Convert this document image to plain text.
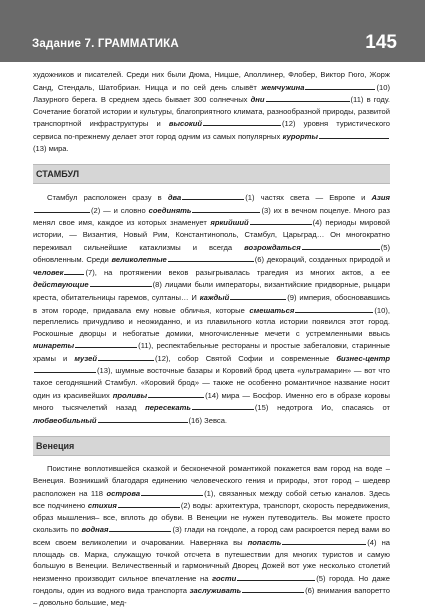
Задание 7. ГРАММАТИКА	145

художников и писателей. Среди них были Дюма, Ницше, Аполлинер, Флобер, Виктор Гюго, Жорж Санд, Стендаль, Шатобриан. Ницца и по сей день слывёт жемчужина	(10) Лазурного берега. В среднем здесь бывает 300 солнечных дни	(11) в году. Сочетание богатой истории и культуры, благоприятного климата, разнообразной природы, развитой транспортной инфраструктуры и высокий	(12) уровня туристического сервиса по-прежнему делает этот город одним из самых популярных курорты(13) мира.

СТАМБУЛ

Стамбул расположен сразу в два	(1) частях света — Европе и Азия(2) — и словно соединять	(3) их в вечном поцелуе. Много раз менял свое имя, каждое из которых знаменует яркийший	(4) периоды мировой истории, — Византия, Новый Рим, Константинополь, Стамбул, Царьград… Он многократно переживал сильнейшие катаклизмы и всегда возрождаться	(5) обновленным. Среди великолепные	(6) декораций, созданных природой и человек	(7), на протяжении веков разыгрывалась трагедия из многих актов, а ее действующие	(8) лицами были императоры, византийские придворные, рыцари креста, обитательницы гаремов, султаны… И каждый	(9) империя, обосновавшись в этом городе, придавала ему новые обличья, которые смешаться	(10), переплелись причудливо и неожиданно, и из плавильного котла истории появился этот город. Роскошные дворцы и небогатые домики, многочисленные мечети с устремленными ввысь минареты	(11), респектабельные рестораны и простые забегаловки, старинные храмы и музей	(12), собор Святой Софии и современные бизнес-центр(13), шумные восточные базары и Коровий брод цвета «ультрамарин» — вот что такое сегодняшний Стамбул. «Коровий брод» — также не особенно романтичное название носит один из красивейших проливы	(14) мира — Босфор. Именно его в образе коровы много тысячелетий назад пересекать	(15) недотрога Ио, спасаясь от любвеобильный	(16) Зевса.

Венеция

Поистине воплотившейся сказкой и бесконечной романтикой покажется вам город на воде – Венеция. Возникший благодаря единению человеческого гения и природы, этот город – шедевр расположен на 118 острова	(1), связанных между собой сетью каналов. Здесь все подчинено стихия	(2) воды: архитектура, транспорт, скорость передвижения, образ мышления– все, вплоть до обуви. В Венеции не нужен путеводитель. Вы можете просто скользить по водная	(3) глади на гондоле, а город сам раскроется перед вами во всем своем великолепии и очаровании. Наверняка вы попасть	(4) на площадь св. Марка, служащую точкой отсчета в путешествии для многих туристов и самую большую в Венеции. Величественный и гармоничный Дворец Дожей вот уже несколько столетий неизменно производит сильное впечатление на гости	(5) города. Но даже гондолы, один из водного вида транспорта заслуживать	(6) внимания вапоретто – довольно большие, мед-
